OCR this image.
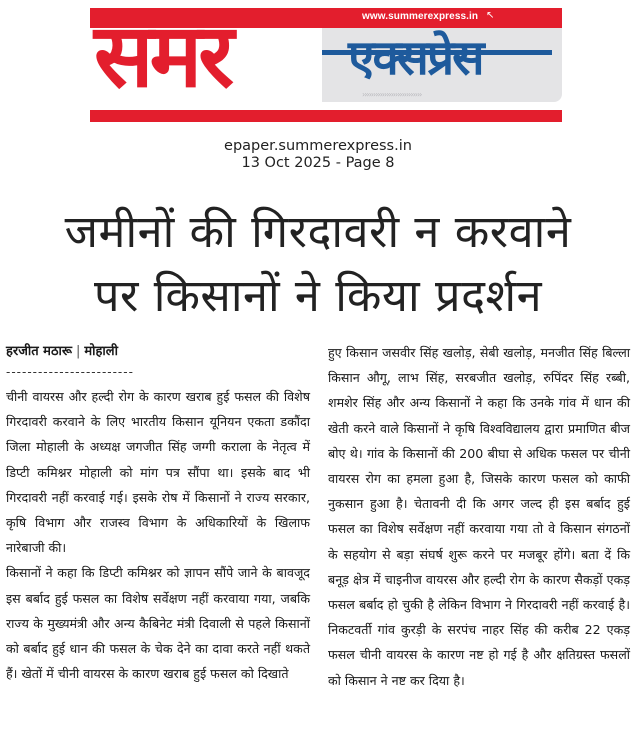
एक्सप्रेस
›››››››››››››››››››››››››››
समर	www.summerexpress.in ↖
epaper.summerexpress.in
13 Oct 2025 - Page 8
जमीनों की गिरदावरी न करवाने
पर किसानों ने किया प्रदर्शन
हरजीत मठारू | मोहाली
------------------------

चीनी वायरस और हल्दी रोग के कारण खराब हुई फसल की विशेष गिरदावरी करवाने के लिए भारतीय किसान यूनियन एकता डकौंदा जिला मोहाली के अध्यक्ष जगजीत सिंह जग्गी कराला के नेतृत्व में डिप्टी कमिश्नर मोहाली को मांग पत्र सौंपा था। इसके बाद भी गिरदावरी नहीं करवाई गई। इसके रोष में किसानों ने राज्य सरकार, कृषि विभाग और राजस्व विभाग के अधिकारियों के खिलाफ नारेबाजी की।

किसानों ने कहा कि डिप्टी कमिश्नर को ज्ञापन सौंपे जाने के बावजूद इस बर्बाद हुई फसल का विशेष सर्वेक्षण नहीं करवाया गया, जबकि राज्य के मुख्यमंत्री और अन्य कैबिनेट मंत्री दिवाली से पहले किसानों को बर्बाद हुई धान की फसल के चेक देने का दावा करते नहीं थकते हैं। खेतों में चीनी वायरस के कारण खराब हुई फसल को दिखाते

हुए किसान जसवीर सिंह खलोड़, सेबी खलोड़, मनजीत सिंह बिल्ला किसान औगू, लाभ सिंह, सरबजीत खलोड़, रुपिंदर सिंह रब्बी, शमशेर सिंह और अन्य किसानों ने कहा कि उनके गांव में धान की खेती करने वाले किसानों ने कृषि विश्वविद्यालय द्वारा प्रमाणित बीज बोए थे। गांव के किसानों की 200 बीघा से अधिक फसल पर चीनी वायरस रोग का हमला हुआ है, जिसके कारण फसल को काफी नुकसान हुआ है। चेतावनी दी कि अगर जल्द ही इस बर्बाद हुई फसल का विशेष सर्वेक्षण नहीं करवाया गया तो वे किसान संगठनों के सहयोग से बड़ा संघर्ष शुरू करने पर मजबूर होंगे। बता दें कि बनूड़ क्षेत्र में चाइनीज वायरस और हल्दी रोग के कारण सैकड़ों एकड़ फसल बर्बाद हो चुकी है लेकिन विभाग ने गिरदावरी नहीं करवाई है। निकटवर्ती गांव कुरड़ी के सरपंच नाहर सिंह की करीब 22 एकड़ फसल चीनी वायरस के कारण नष्ट हो गई है और क्षतिग्रस्त फसलों को किसान ने नष्ट कर दिया है।
